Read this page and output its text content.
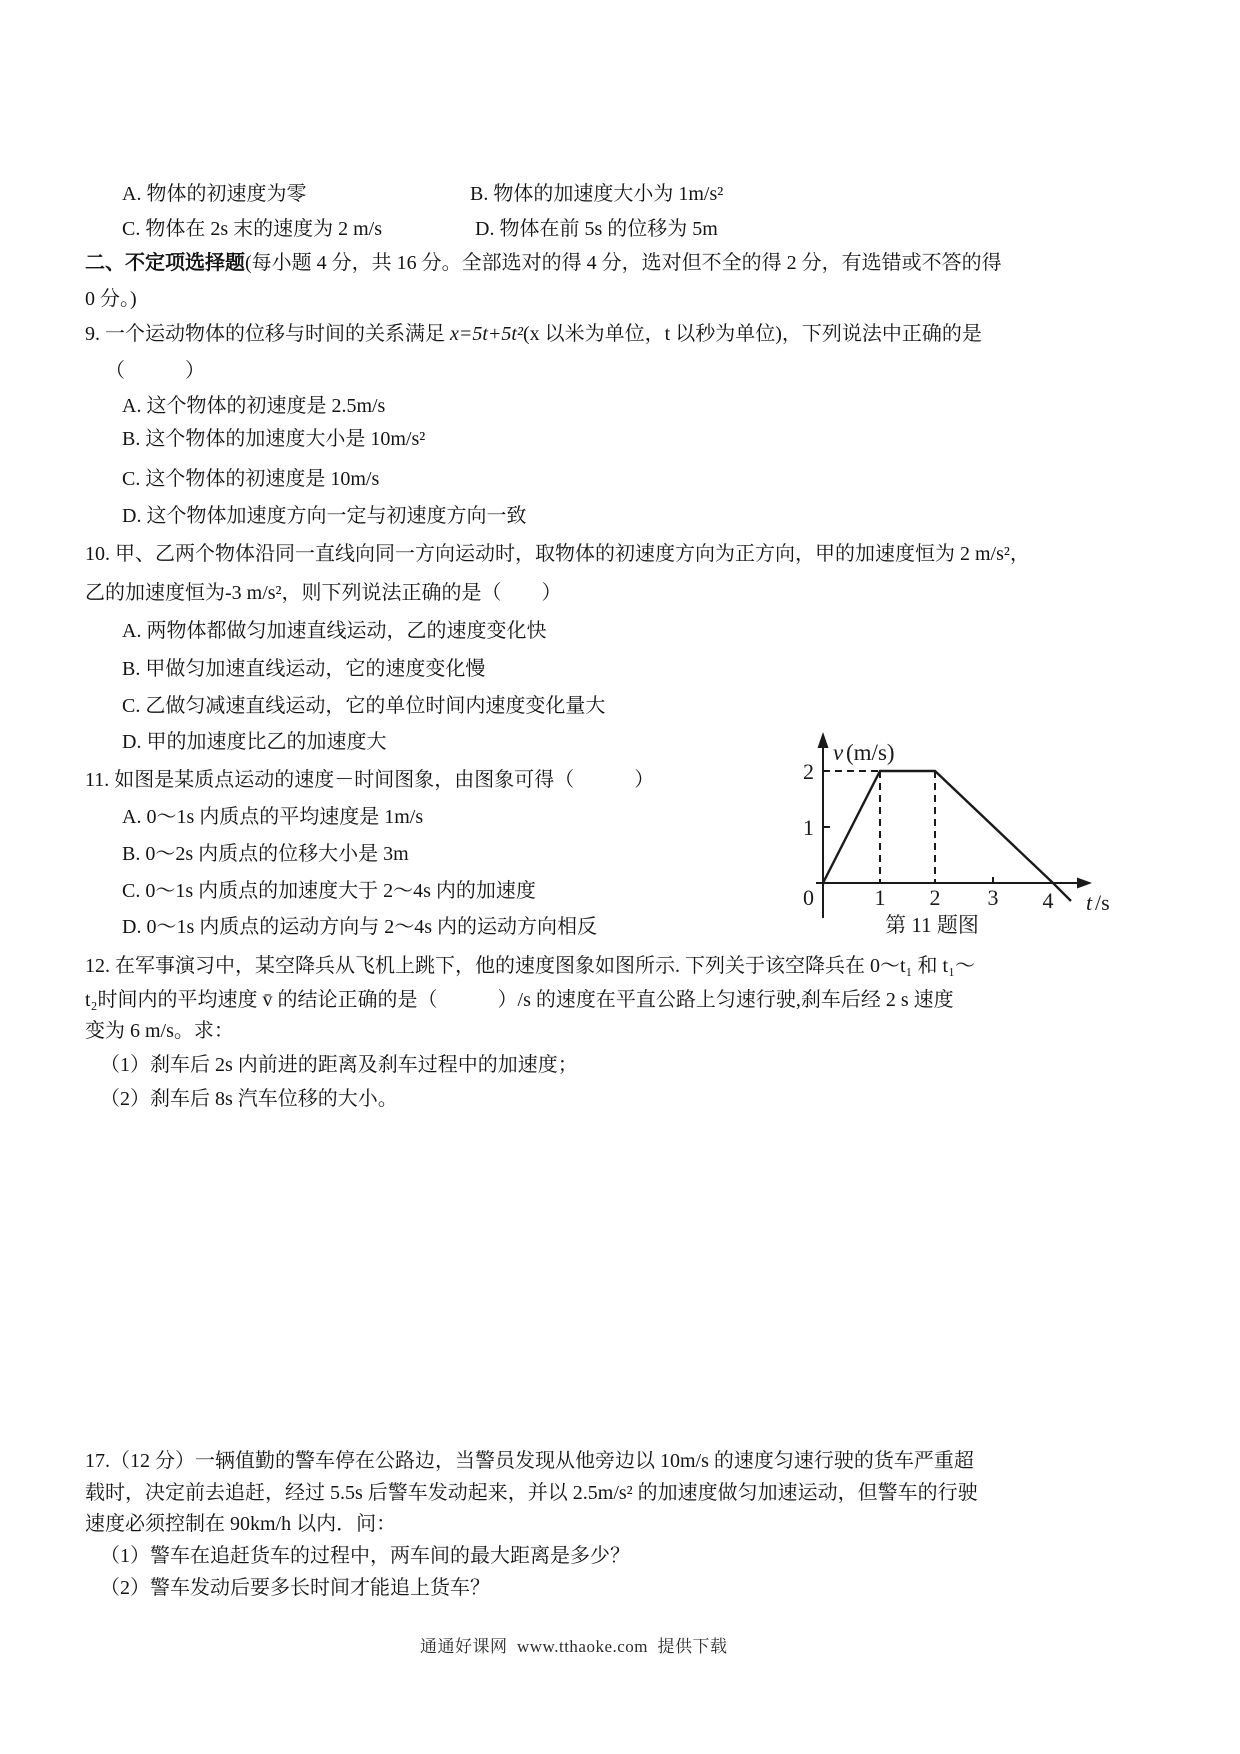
A. 物体的初速度为零	B. 物体的加速度大小为 1m/s²
C. 物体在 2s 末的速度为 2 m/s	D. 物体在前 5s 的位移为 5m
二、不定项选择题(每小题 4 分，共 16 分。全部选对的得 4 分，选对但不全的得 2 分，有选错或不答的得
0 分。)
9. 一个运动物体的位移与时间的关系满足 x=5t+5t²(x 以米为单位，t 以秒为单位)，下列说法中正确的是
（　　　）
A. 这个物体的初速度是 2.5m/s
B. 这个物体的加速度大小是 10m/s²
C. 这个物体的初速度是 10m/s
D. 这个物体加速度方向一定与初速度方向一致
10. 甲、乙两个物体沿同一直线向同一方向运动时，取物体的初速度方向为正方向，甲的加速度恒为 2 m/s²，
乙的加速度恒为-3 m/s²，则下列说法正确的是（　　）
A. 两物体都做匀加速直线运动，乙的速度变化快
B. 甲做匀加速直线运动，它的速度变化慢
C. 乙做匀减速直线运动，它的单位时间内速度变化量大
D. 甲的加速度比乙的加速度大
11. 如图是某质点运动的速度－时间图象，由图象可得（　　　）
A. 0～1s 内质点的平均速度是 1m/s
B. 0～2s 内质点的位移大小是 3m
C. 0～1s 内质点的加速度大于 2～4s 内的加速度
D. 0～1s 内质点的运动方向与 2～4s 内的运动方向相反
v (m/s)
2
1
0	1 2 3 4 t /s
第 11 题图
12. 在军事演习中，某空降兵从飞机上跳下，他的速度图象如图所示. 下列关于该空降兵在 0～t₁ 和 t₁～
t₂时间内的平均速度 v̄ 的结论正确的是（　　　）/s 的速度在平直公路上匀速行驶,刹车后经 2 s 速度
变为 6 m/s。求：
（1）刹车后 2s 内前进的距离及刹车过程中的加速度；
（2）刹车后 8s 汽车位移的大小。
17.（12 分）一辆值勤的警车停在公路边，当警员发现从他旁边以 10m/s 的速度匀速行驶的货车严重超
载时，决定前去追赶，经过 5.5s 后警车发动起来，并以 2.5m/s² 的加速度做匀加速运动，但警车的行驶
速度必须控制在 90km/h 以内．问：
（1）警车在追赶货车的过程中，两车间的最大距离是多少？
（2）警车发动后要多长时间才能追上货车？
通通好课网  www.tthaoke.com  提供下载
